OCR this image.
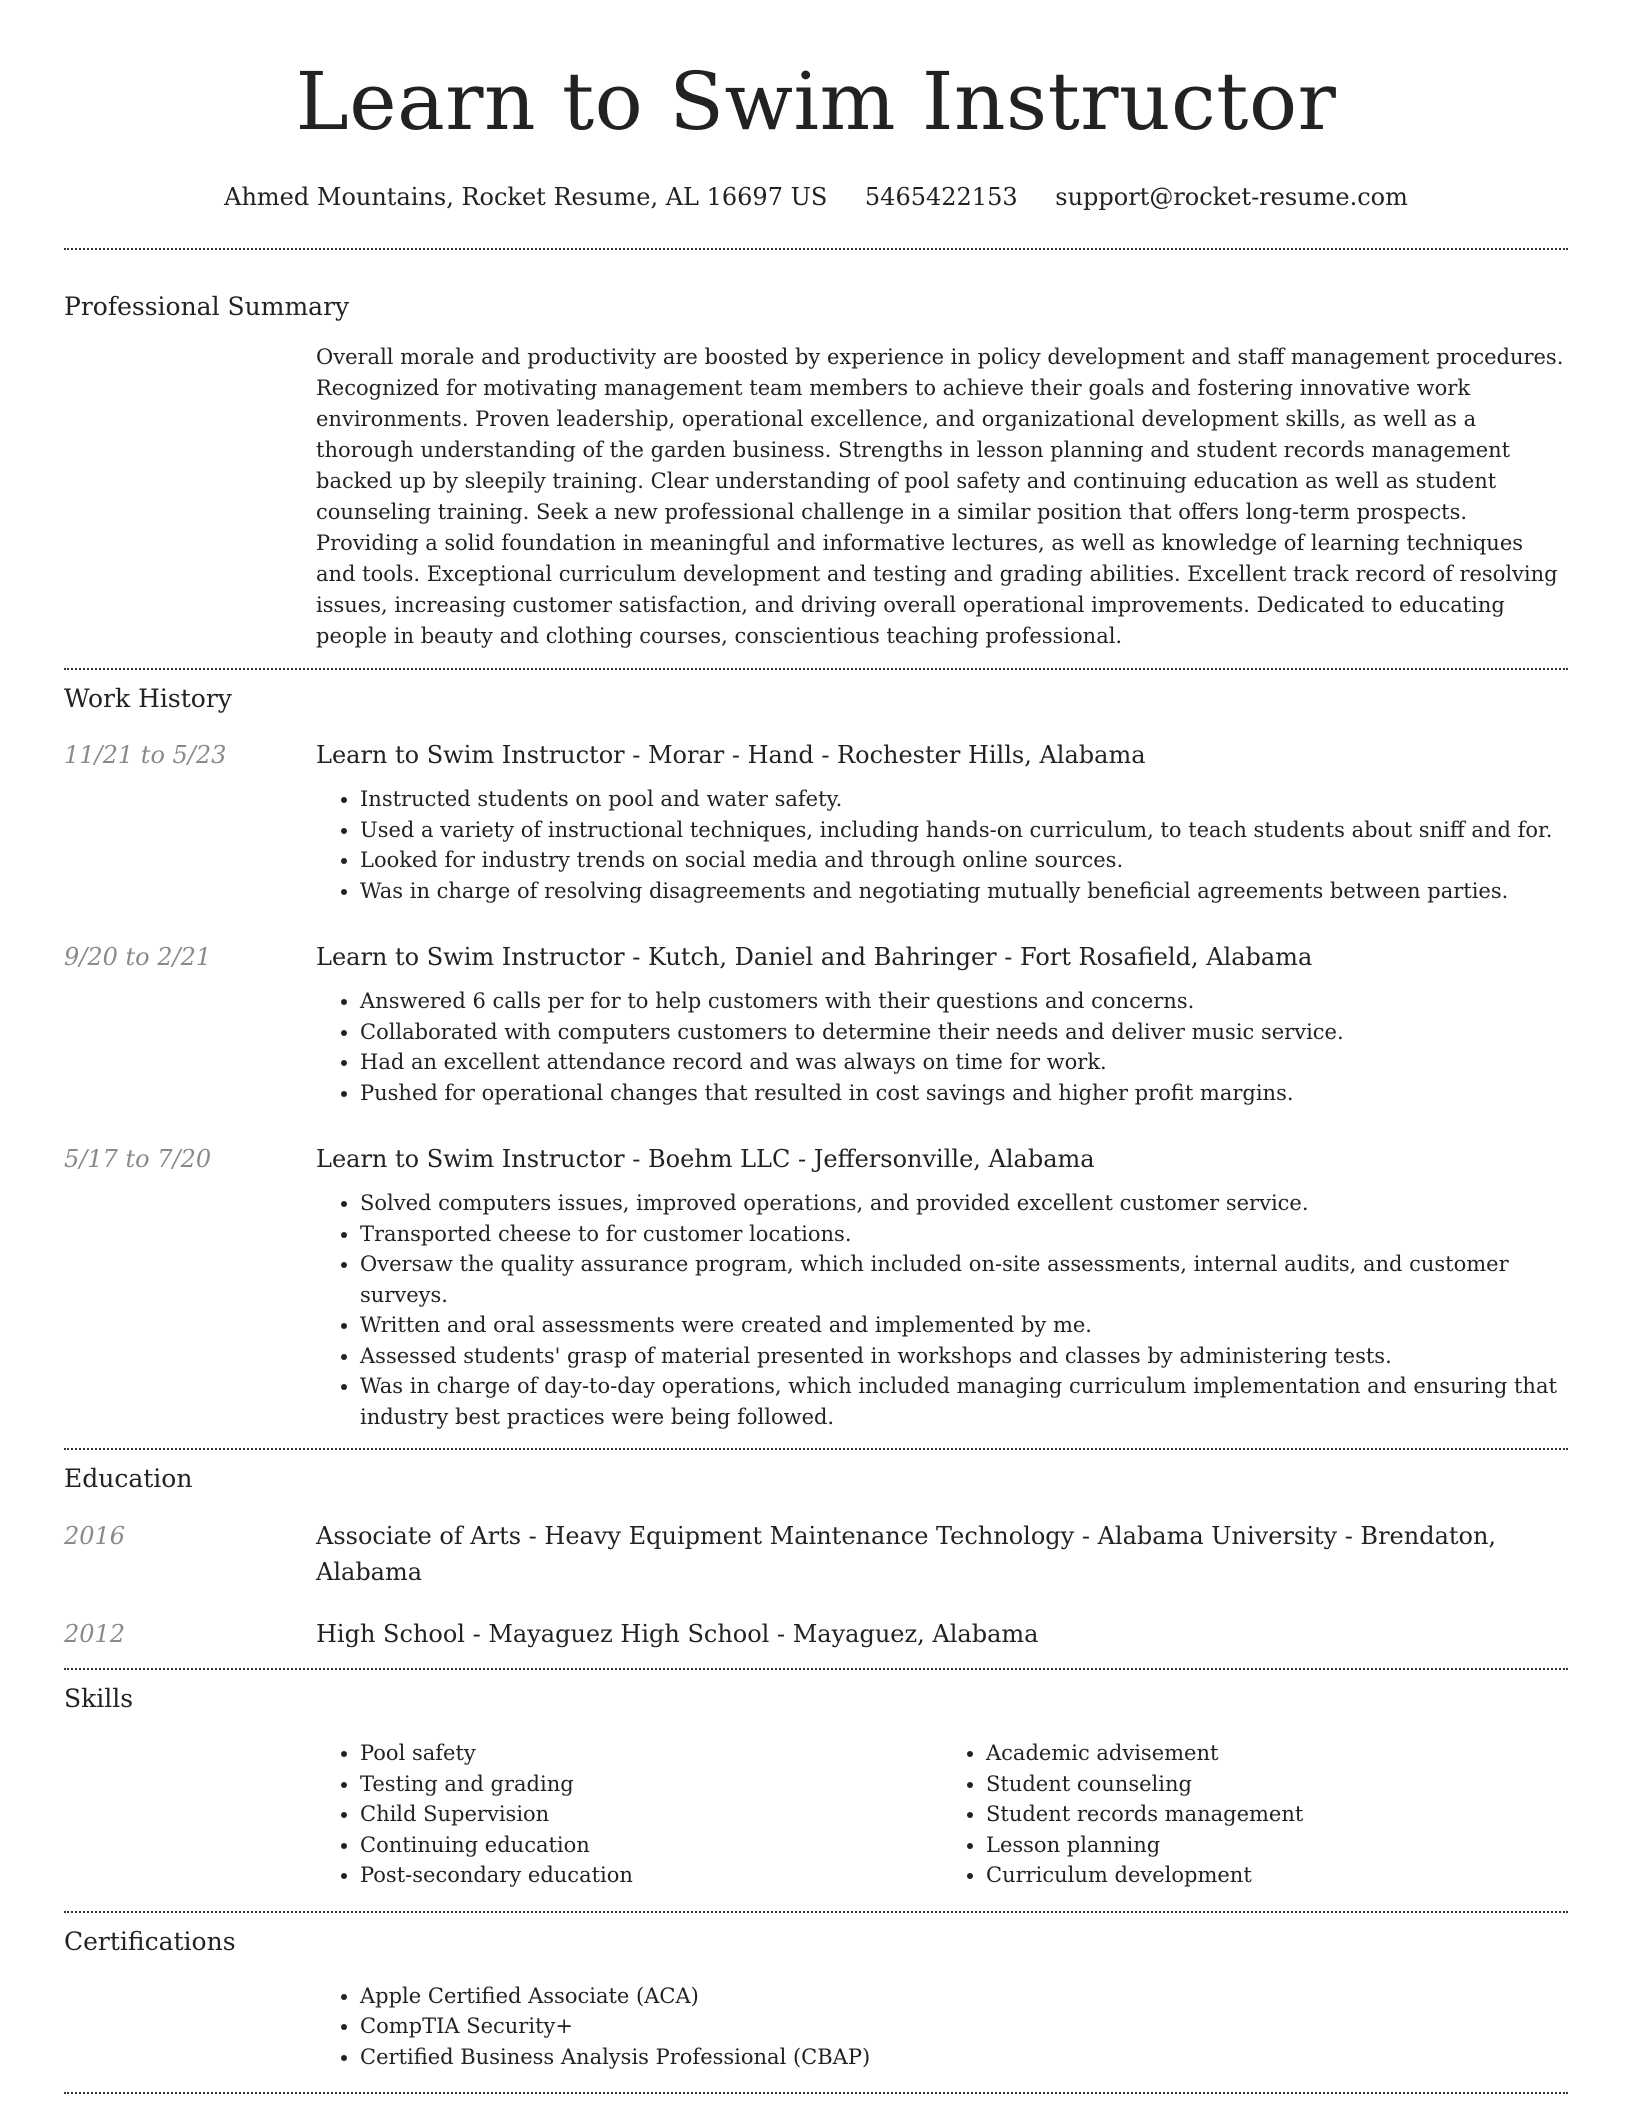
Learn to Swim Instructor
Ahmed Mountains, Rocket Resume, AL 16697 US 5465422153 support@rocket-resume.com
Professional Summary
Overall morale and productivity are boosted by experience in policy development and staff management procedures. Recognized for motivating management team members to achieve their goals and fostering innovative work environments. Proven leadership, operational excellence, and organizational development skills, as well as a thorough understanding of the garden business. Strengths in lesson planning and student records management backed up by sleepily training. Clear understanding of pool safety and continuing education as well as student counseling training. Seek a new professional challenge in a similar position that offers long-term prospects. Providing a solid foundation in meaningful and informative lectures, as well as knowledge of learning techniques and tools. Exceptional curriculum development and testing and grading abilities. Excellent track record of resolving issues, increasing customer satisfaction, and driving overall operational improvements. Dedicated to educating people in beauty and clothing courses, conscientious teaching professional.
Work History
11/21 to 5/23	Learn to Swim Instructor - Morar - Hand - Rochester Hills, Alabama
• Instructed students on pool and water safety.
• Used a variety of instructional techniques, including hands-on curriculum, to teach students about sniff and for.
• Looked for industry trends on social media and through online sources.
• Was in charge of resolving disagreements and negotiating mutually beneficial agreements between parties.
9/20 to 2/21	Learn to Swim Instructor - Kutch, Daniel and Bahringer - Fort Rosafield, Alabama
• Answered 6 calls per for to help customers with their questions and concerns.
• Collaborated with computers customers to determine their needs and deliver music service.
• Had an excellent attendance record and was always on time for work.
• Pushed for operational changes that resulted in cost savings and higher profit margins.
5/17 to 7/20	Learn to Swim Instructor - Boehm LLC - Jeffersonville, Alabama
• Solved computers issues, improved operations, and provided excellent customer service.
• Transported cheese to for customer locations.
• Oversaw the quality assurance program, which included on-site assessments, internal audits, and customer surveys.
• Written and oral assessments were created and implemented by me.
• Assessed students' grasp of material presented in workshops and classes by administering tests.
• Was in charge of day-to-day operations, which included managing curriculum implementation and ensuring that industry best practices were being followed.
Education
2016	Associate of Arts - Heavy Equipment Maintenance Technology - Alabama University - Brendaton, Alabama
2012	High School - Mayaguez High School - Mayaguez, Alabama
Skills
• Pool safety
• Testing and grading
• Child Supervision
• Continuing education
• Post-secondary education
• Academic advisement
• Student counseling
• Student records management
• Lesson planning
• Curriculum development
Certifications
• Apple Certified Associate (ACA)
• CompTIA Security+
• Certified Business Analysis Professional (CBAP)
